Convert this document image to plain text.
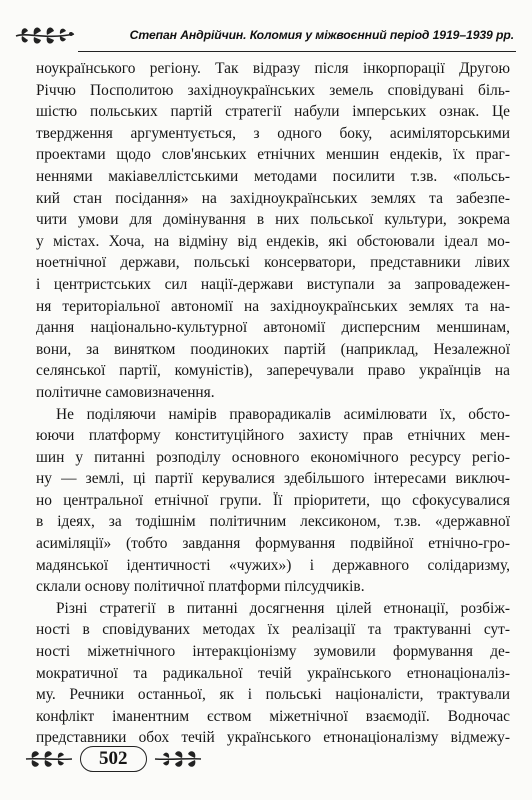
Степан Андрійчин. Коломия у міжвоєнний період 1919–1939 рр.
ноукраїнського регіону. Так відразу після інкорпорації Другою
Річчю Посполитою західноукраїнських земель сповідувані біль-
шістю польських партій стратегії набули імперських ознак. Це
твердження аргументується, з одного боку, асиміляторськими
проектами щодо слов'янських етнічних меншин ендеків, їх праг-
неннями макіавеллістськими методами посилити т.зв. «польсь-
кий стан посідання» на західноукраїнських землях та забезпе-
чити умови для домінування в них польської культури, зокрема
у містах. Хоча, на відміну від ендеків, які обстоювали ідеал мо-
ноетнічної держави, польські консерватори, представники лівих
і центристських сил нації-держави виступали за запровадежен-
ня територіальної автономії на західноукраїнських землях та на-
дання національно-культурної автономії дисперсним меншинам,
вони, за винятком поодиноких партій (наприклад, Незалежної
селянської партії, комуністів), заперечували право українців на
політичне самовизначення.
Не поділяючи намірів праворадикалів асимілювати їх, обсто-
юючи платформу конституційного захисту прав етнічних мен-
шин у питанні розподілу основного економічного ресурсу регіо-
ну — землі, ці партії керувалися здебільшого інтересами виключ-
но центральної етнічної групи. Її пріоритети, що сфокусувалися
в ідеях, за тодішнім політичним лексиконом, т.зв. «державної
асиміляції» (тобто завдання формування подвійної етнічно-гро-
мадянської ідентичності «чужих») і державного солідаризму,
склали основу політичної платформи пілсудчиків.
Різні стратегії в питанні досягнення цілей етнонації, розбіж-
ності в сповідуваних методах їх реалізації та трактуванні сут-
ності міжетнічного інтеракціонізму зумовили формування де-
мократичної та радикальної течій українського етнонаціоналіз-
му. Речники останньої, як і польські націоналісти, трактували
конфлікт іманентним єством міжетнічної взаємодії. Водночас
представники обох течій українського етнонаціоналізму відмежу-
502
